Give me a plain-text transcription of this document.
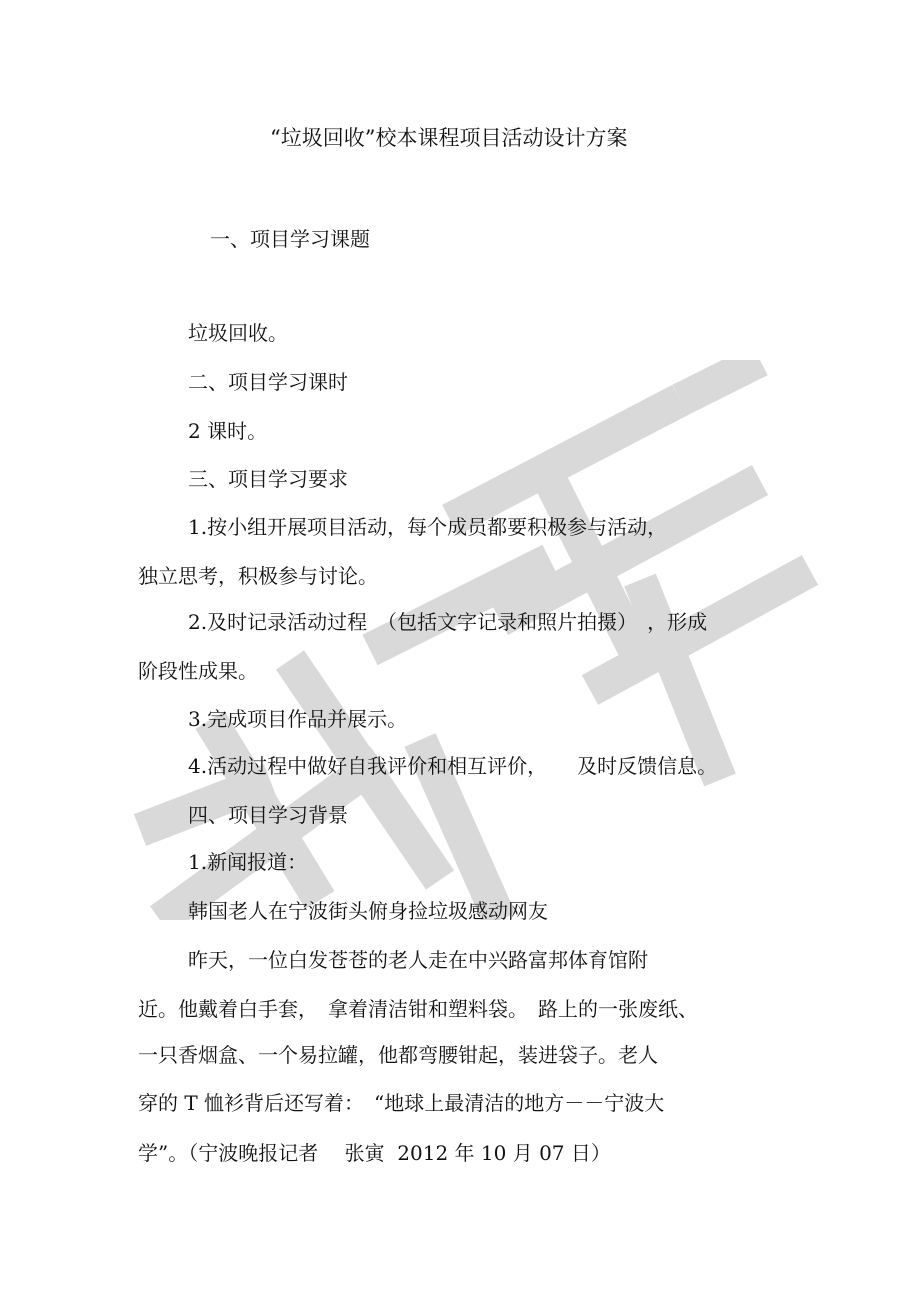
“垃圾回收”校本课程项目活动设计方案
一、项目学习课题
垃圾回收。
二、项目学习课时
2 课时。
三、项目学习要求
1.按小组开展项目活动，每个成员都要积极参与活动，
独立思考，积极参与讨论。
2.及时记录活动过程　（包括文字记录和照片拍摄）　，形成
阶段性成果。
3.完成项目作品并展示。
4.活动过程中做好自我评价和相互评价，　　及时反馈信息。
四、项目学习背景
1.新闻报道：
韩国老人在宁波街头俯身捡垃圾感动网友
昨天，一位白发苍苍的老人走在中兴路富邦体育馆附
近。他戴着白手套，　拿着清洁钳和塑料袋。　路上的一张废纸、
一只香烟盒、一个易拉罐，他都弯腰钳起，装进袋子。老人
穿的 T 恤衫背后还写着：　“地球上最清洁的地方－－宁波大
学”。（宁波晚报记者　 张寅  2012 年 10 月 07 日）
